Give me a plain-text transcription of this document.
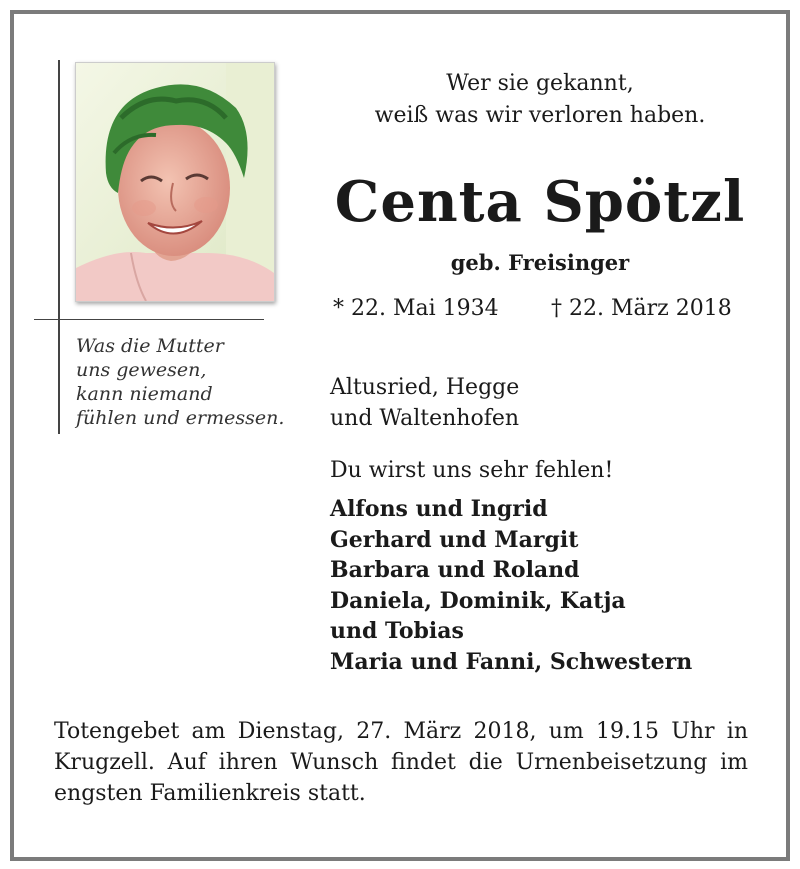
Was die Mutter
uns gewesen,
kann niemand
fühlen und ermessen.
Wer sie gekannt,
weiß was wir verloren haben.
Centa Spötzl
geb. Freisinger
* 22. Mai 1934 † 22. März 2018
Altusried, Hegge
und Waltenhofen
Du wirst uns sehr fehlen!
Alfons und Ingrid
Gerhard und Margit
Barbara und Roland
Daniela, Dominik, Katja
und Tobias
Maria und Fanni, Schwestern
Totengebet am Dienstag, 27. März 2018, um 19.15 Uhr in
Krugzell. Auf ihren Wunsch findet die Urnenbeisetzung im
engsten Familienkreis statt.
